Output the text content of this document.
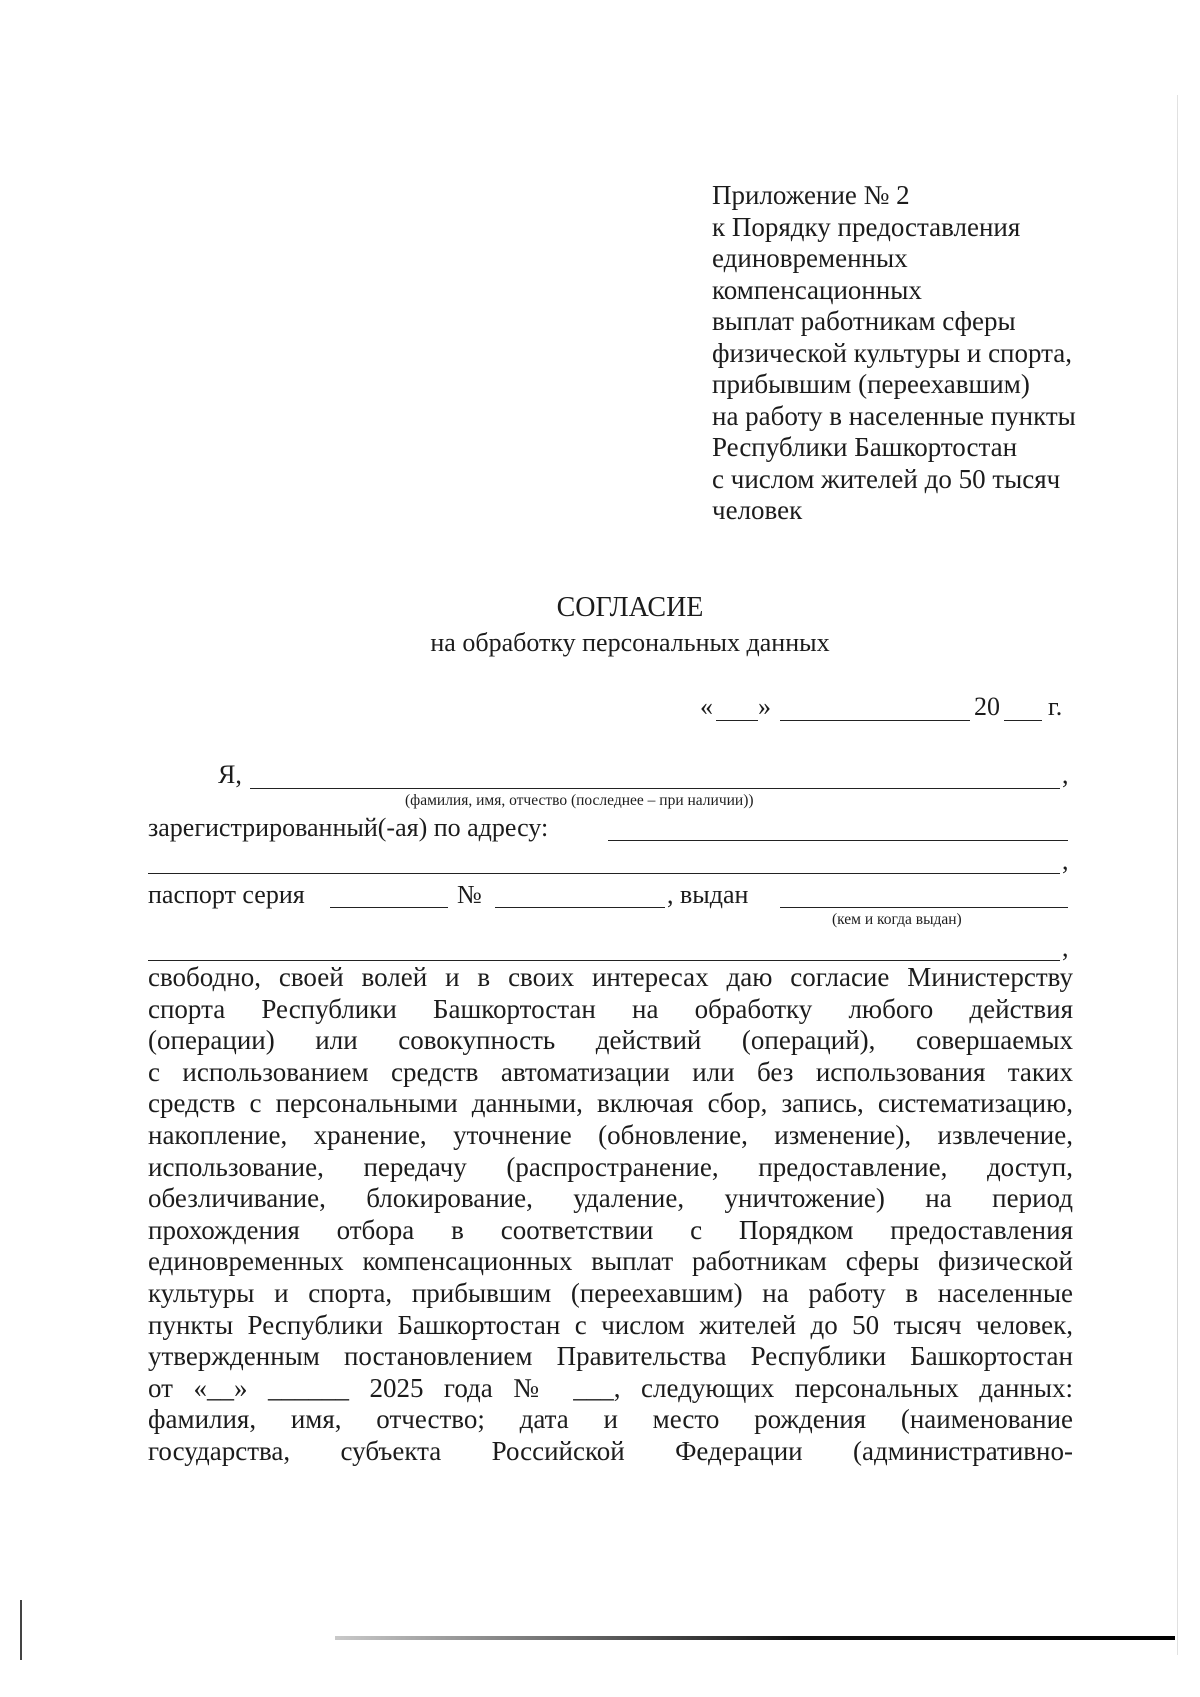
Приложение № 2
к Порядку предоставления
единовременных
компенсационных
выплат работникам сферы
физической культуры и спорта,
прибывшим (переехавшим)
на работу в населенные пункты
Республики Башкортостан
с числом жителей до 50 тысяч
человек
СОГЛАСИЕ
на обработку персональных данных
« »	20 г.
Я,	,
(фамилия, имя, отчество (последнее – при наличии))
зарегистрированный(-ая) по адресу:
,
паспорт серия	№	, выдан
(кем и когда выдан)
,
свободно, своей волей и в своих интересах даю согласие Министерству
спорта Республики Башкортостан на обработку любого действия
(операции) или совокупность действий (операций), совершаемых
с использованием средств автоматизации или без использования таких
средств с персональными данными, включая сбор, запись, систематизацию,
накопление, хранение, уточнение (обновление, изменение), извлечение,
использование, передачу (распространение, предоставление, доступ,
обезличивание, блокирование, удаление, уничтожение) на период
прохождения отбора в соответствии с Порядком предоставления
единовременных компенсационных выплат работникам сферы физической
культуры и спорта, прибывшим (переехавшим) на работу в населенные
пункты Республики Башкортостан с числом жителей до 50 тысяч человек,
утвержденным постановлением Правительства Республики Башкортостан
от «__» ______ 2025 года № ___, следующих персональных данных:
фамилия, имя, отчество; дата и место рождения (наименование
государства, субъекта Российской Федерации (административно-
